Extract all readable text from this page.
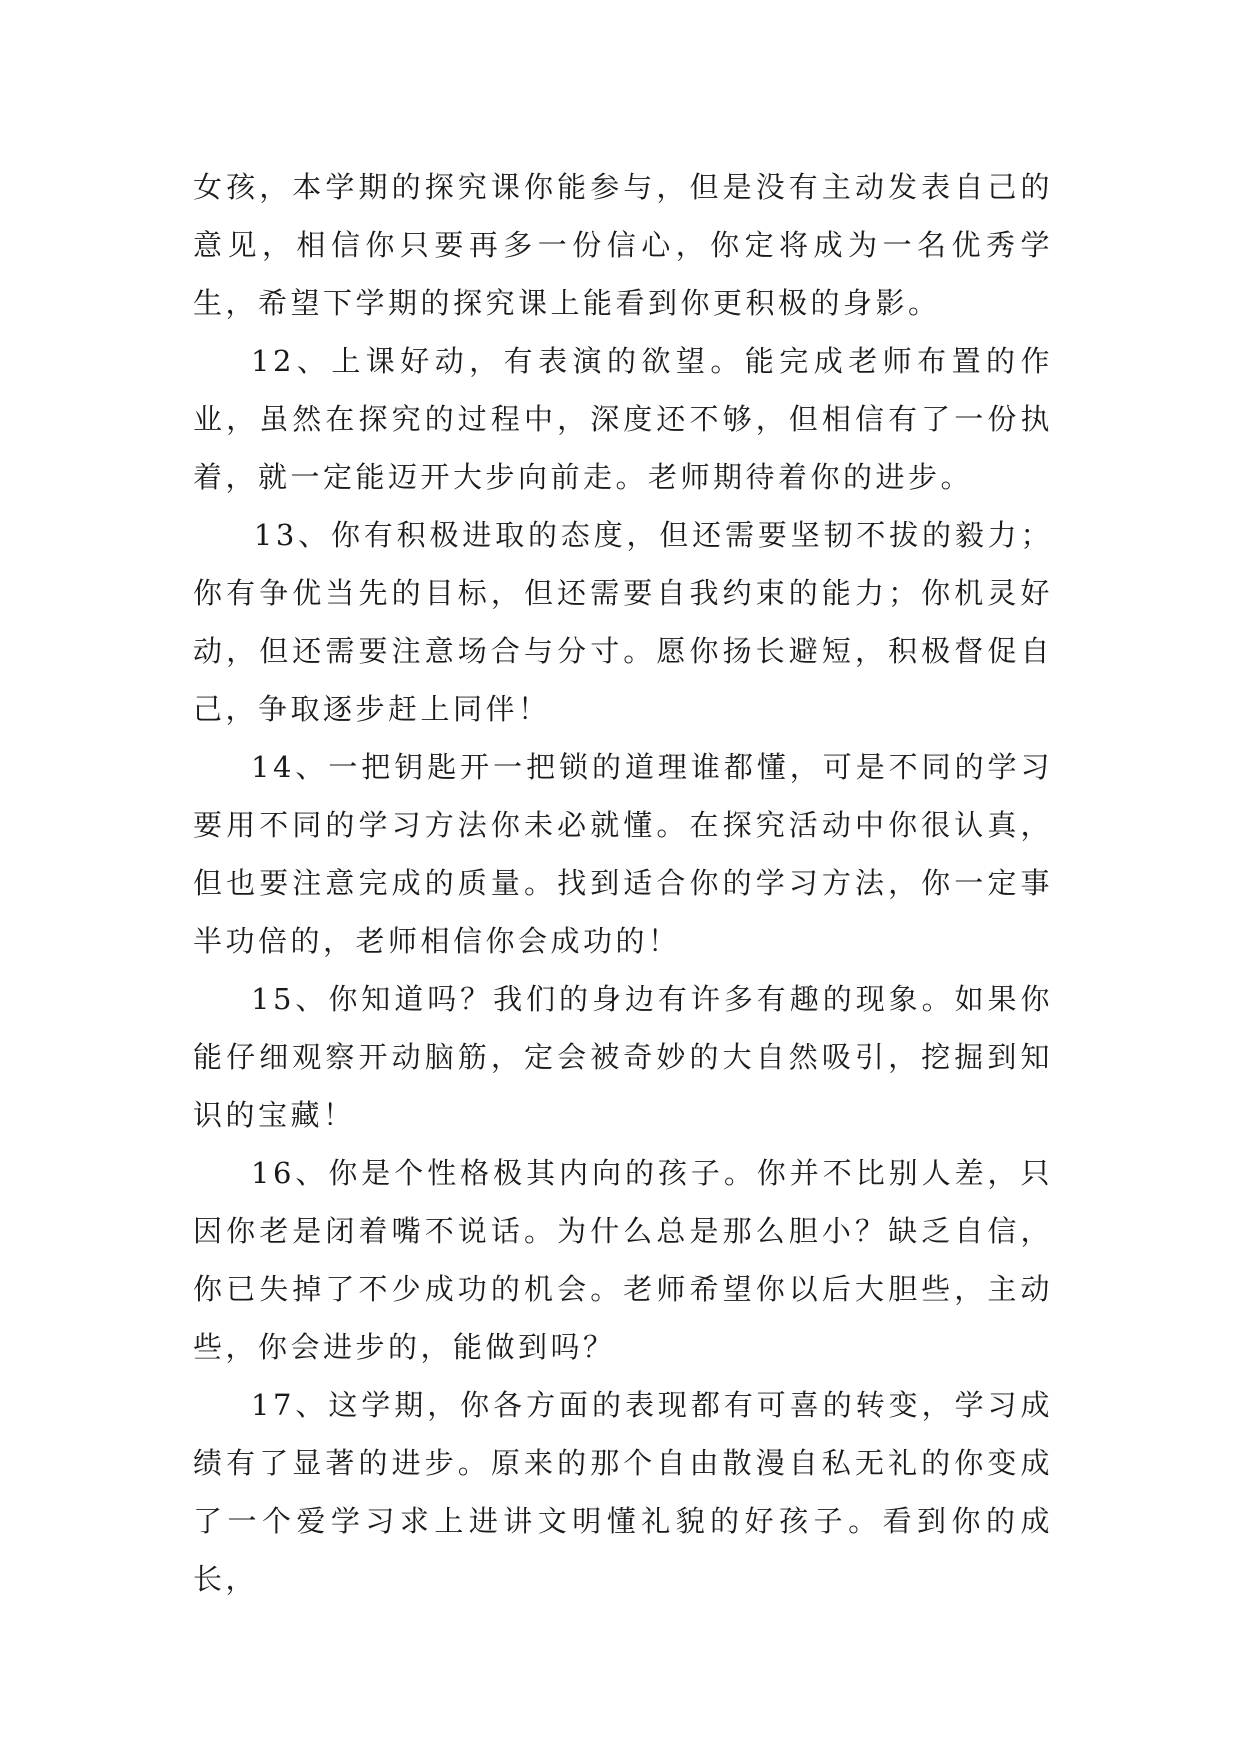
女孩，本学期的探究课你能参与，但是没有主动发表自己的意见，相信你只要再多一份信心，你定将成为一名优秀学生，希望下学期的探究课上能看到你更积极的身影。

12、上课好动，有表演的欲望。能完成老师布置的作业，虽然在探究的过程中，深度还不够，但相信有了一份执着，就一定能迈开大步向前走。老师期待着你的进步。

13、你有积极进取的态度，但还需要坚韧不拔的毅力；你有争优当先的目标，但还需要自我约束的能力；你机灵好动，但还需要注意场合与分寸。愿你扬长避短，积极督促自己，争取逐步赶上同伴！

14、一把钥匙开一把锁的道理谁都懂，可是不同的学习要用不同的学习方法你未必就懂。在探究活动中你很认真，但也要注意完成的质量。找到适合你的学习方法，你一定事半功倍的，老师相信你会成功的！

15、你知道吗？我们的身边有许多有趣的现象。如果你能仔细观察开动脑筋，定会被奇妙的大自然吸引，挖掘到知识的宝藏！

16、你是个性格极其内向的孩子。你并不比别人差，只因你老是闭着嘴不说话。为什么总是那么胆小？缺乏自信，你已失掉了不少成功的机会。老师希望你以后大胆些，主动些，你会进步的，能做到吗？

17、这学期，你各方面的表现都有可喜的转变，学习成绩有了显著的进步。原来的那个自由散漫自私无礼的你变成了一个爱学习求上进讲文明懂礼貌的好孩子。看到你的成长，
